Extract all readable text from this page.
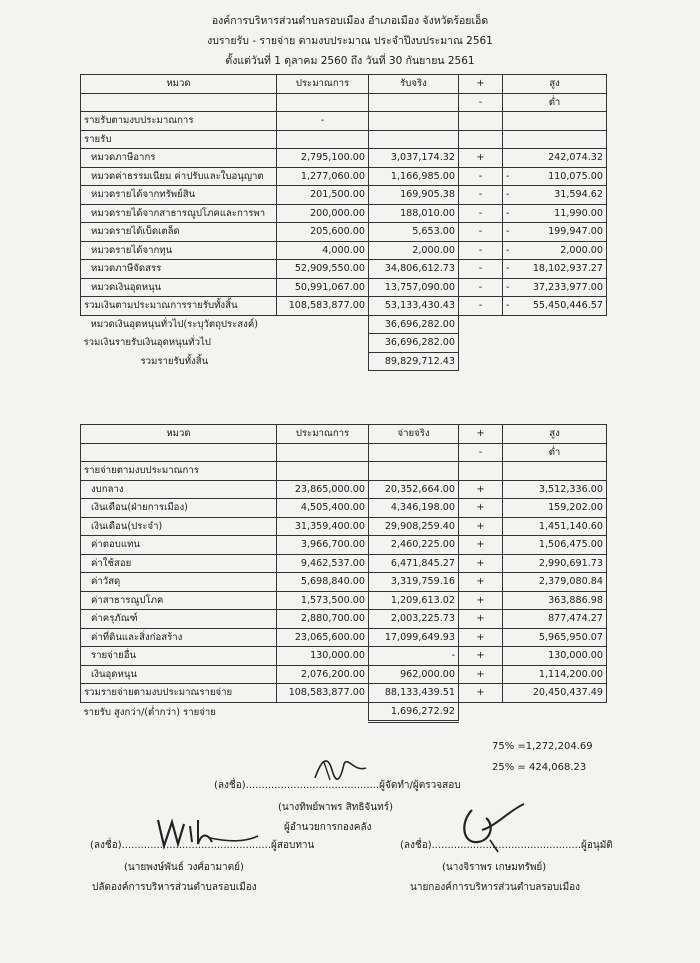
องค์การบริหารส่วนตำบลรอบเมือง อำเภอเมือง จังหวัดร้อยเอ็ด
งบรายรับ - รายจ่าย ตามงบประมาณ ประจำปีงบประมาณ 2561
ตั้งแต่วันที่ 1 ตุลาคม 2560 ถึง วันที่ 30 กันยายน 2561
หมวด	ประมาณการ	รับจริง	+	สูง
			-	ต่ำ
รายรับตามงบประมาณการ	-			
รายรับ				
หมวดภาษีอากร	2,795,100.00	3,037,174.32	+	242,074.32
หมวดค่าธรรมเนียม ค่าปรับและใบอนุญาต	1,277,060.00	1,166,985.00	-	- 110,075.00
หมวดรายได้จากทรัพย์สิน	201,500.00	169,905.38	-	- 31,594.62
หมวดรายได้จากสาธารณูปโภคและการพา	200,000.00	188,010.00	-	- 11,990.00
หมวดรายได้เบ็ดเตล็ด	205,600.00	5,653.00	-	- 199,947.00
หมวดรายได้จากทุน	4,000.00	2,000.00	-	- 2,000.00
หมวดภาษีจัดสรร	52,909,550.00	34,806,612.73	-	- 18,102,937.27
หมวดเงินอุดหนุน	50,991,067.00	13,757,090.00	-	- 37,233,977.00
รวมเงินตามประมาณการรายรับทั้งสิ้น	108,583,877.00	53,133,430.43	-	- 55,450,446.57
หมวดเงินอุดหนุนทั่วไป(ระบุวัตถุประสงค์)		36,696,282.00		
รวมเงินรายรับเงินอุดหนุนทั่วไป		36,696,282.00		
รวมรายรับทั้งสิ้น		89,829,712.43		
หมวด	ประมาณการ	จ่ายจริง	+	สูง
			-	ต่ำ
รายจ่ายตามงบประมาณการ				
งบกลาง	23,865,000.00	20,352,664.00	+	3,512,336.00
เงินเดือน(ฝ่ายการเมือง)	4,505,400.00	4,346,198.00	+	159,202.00
เงินเดือน(ประจำ)	31,359,400.00	29,908,259.40	+	1,451,140.60
ค่าตอบแทน	3,966,700.00	2,460,225.00	+	1,506,475.00
ค่าใช้สอย	9,462,537.00	6,471,845.27	+	2,990,691.73
ค่าวัสดุ	5,698,840.00	3,319,759.16	+	2,379,080.84
ค่าสาธารณูปโภค	1,573,500.00	1,209,613.02	+	363,886.98
ค่าครุภัณฑ์	2,880,700.00	2,003,225.73	+	877,474.27
ค่าที่ดินและสิ่งก่อสร้าง	23,065,600.00	17,099,649.93	+	5,965,950.07
รายจ่ายอื่น	130,000.00	-	+	130,000.00
เงินอุดหนุน	2,076,200.00	962,000.00	+	1,114,200.00
รวมรายจ่ายตามงบประมาณรายจ่าย	108,583,877.00	88,133,439.51	+	20,450,437.49
รายรับ สูงกว่า/(ต่ำกว่า) รายจ่าย		1,696,272.92		
75% =1,272,204.69
25% = 424,068.23
(ลงชื่อ)..........................................ผู้จัดทำ/ผู้ตรวจสอบ
(นางทิพย์พาพร สิทธิจันทร์)
ผู้อำนวยการกองคลัง
(ลงชื่อ)...............................................ผู้สอบทาน
(นายพงษ์พันธ์ วงศ์อามาตย์)
ปลัดองค์การบริหารส่วนตำบลรอบเมือง
(ลงชื่อ)...............................................ผู้อนุมัติ
(นางจิราพร เกษมทรัพย์)
นายกองค์การบริหารส่วนตำบลรอบเมือง
